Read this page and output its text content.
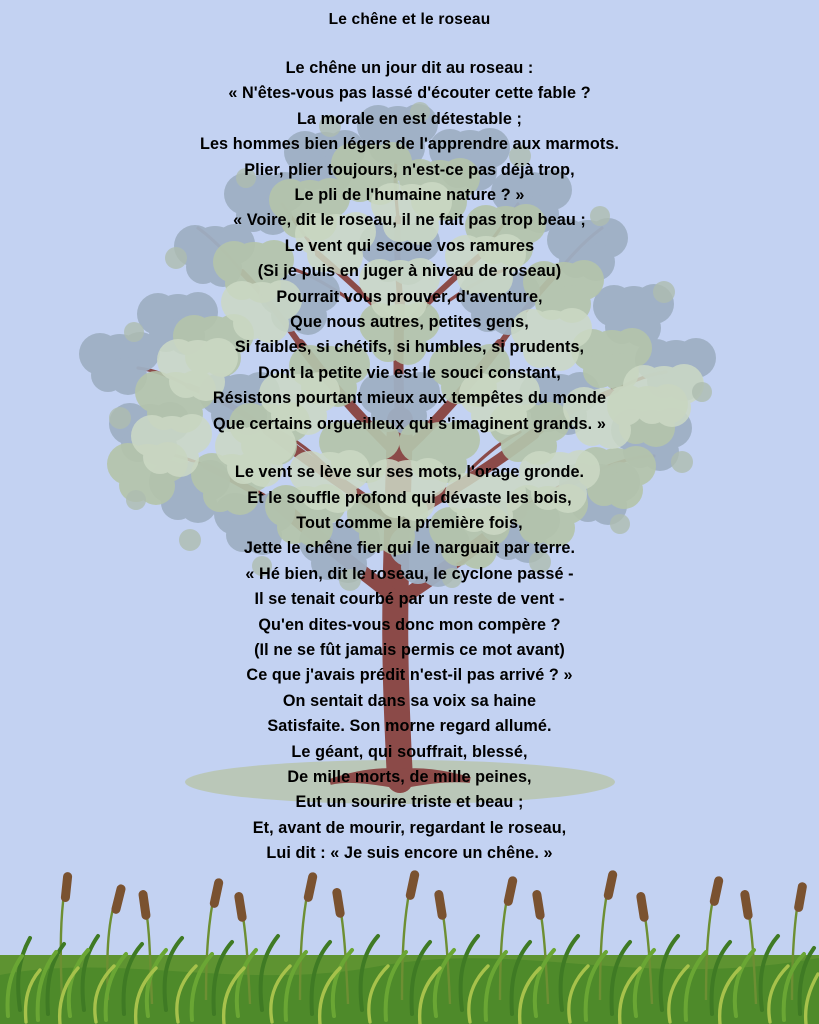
Le chêne et le roseau
Le chêne un jour dit au roseau :
« N'êtes-vous pas lassé d'écouter cette fable ?
La morale en est détestable ;
Les hommes bien légers de l'apprendre aux marmots.
Plier, plier toujours, n'est-ce pas déjà trop,
Le pli de l'humaine nature ? »
« Voire, dit le roseau, il ne fait pas trop beau ;
Le vent qui secoue vos ramures
(Si je puis en juger à niveau de roseau)
Pourrait vous prouver, d'aventure,
Que nous autres, petites gens,
Si faibles, si chétifs, si humbles, si prudents,
Dont la petite vie est le souci constant,
Résistons pourtant mieux aux tempêtes du monde
Que certains orgueilleux qui s'imaginent grands. »
Le vent se lève sur ses mots, l'orage gronde.
Et le souffle profond qui dévaste les bois,
Tout comme la première fois,
Jette le chêne fier qui le narguait par terre.
« Hé bien, dit le roseau, le cyclone passé -
Il se tenait courbé par un reste de vent -
Qu'en dites-vous donc mon compère ?
(Il ne se fût jamais permis ce mot avant)
Ce que j'avais prédit n'est-il pas arrivé ? »
On sentait dans sa voix sa haine
Satisfaite. Son morne regard allumé.
Le géant, qui souffrait, blessé,
De mille morts, de mille peines,
Eut un sourire triste et beau ;
Et, avant de mourir, regardant le roseau,
Lui dit : « Je suis encore un chêne. »
